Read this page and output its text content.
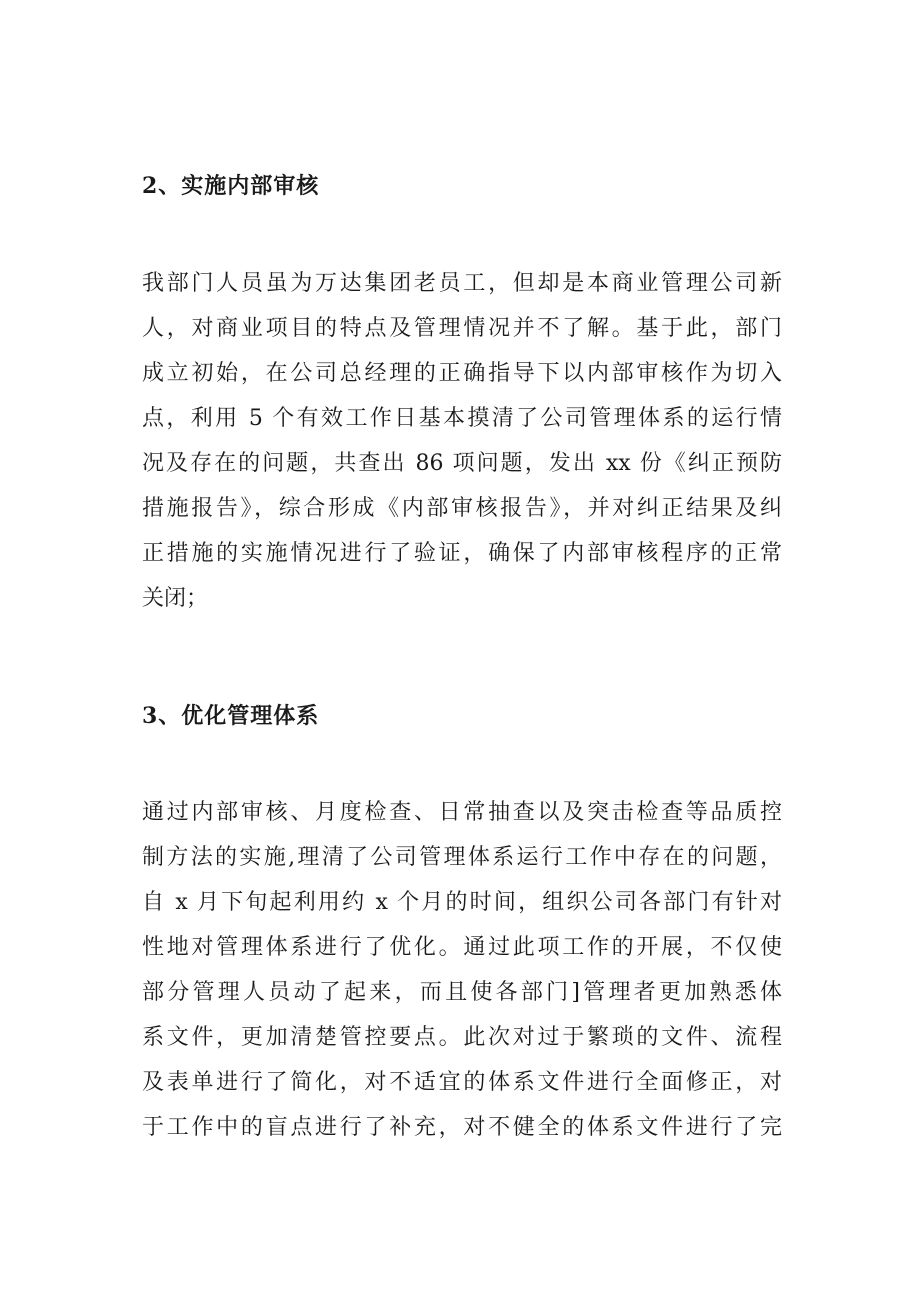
2、实施内部审核

我部门人员虽为万达集团老员工，但却是本商业管理公司新

人，对商业项目的特点及管理情况并不了解。基于此，部门

成立初始，在公司总经理的正确指导下以内部审核作为切入

点，利用 5 个有效工作日基本摸清了公司管理体系的运行情

况及存在的问题，共查出 86 项问题，发出 xx 份《纠正预防

措施报告》，综合形成《内部审核报告》，并对纠正结果及纠

正措施的实施情况进行了验证，确保了内部审核程序的正常

关闭；

3、优化管理体系

通过内部审核、月度检查、日常抽查以及突击检查等品质控

制方法的实施,理清了公司管理体系运行工作中存在的问题，

自 x 月下旬起利用约 x 个月的时间，组织公司各部门有针对

性地对管理体系进行了优化。通过此项工作的开展，不仅使

部分管理人员动了起来，而且使各部门]管理者更加熟悉体

系文件，更加清楚管控要点。此次对过于繁琐的文件、流程

及表单进行了简化，对不适宜的体系文件进行全面修正，对

于工作中的盲点进行了补充，对不健全的体系文件进行了完
